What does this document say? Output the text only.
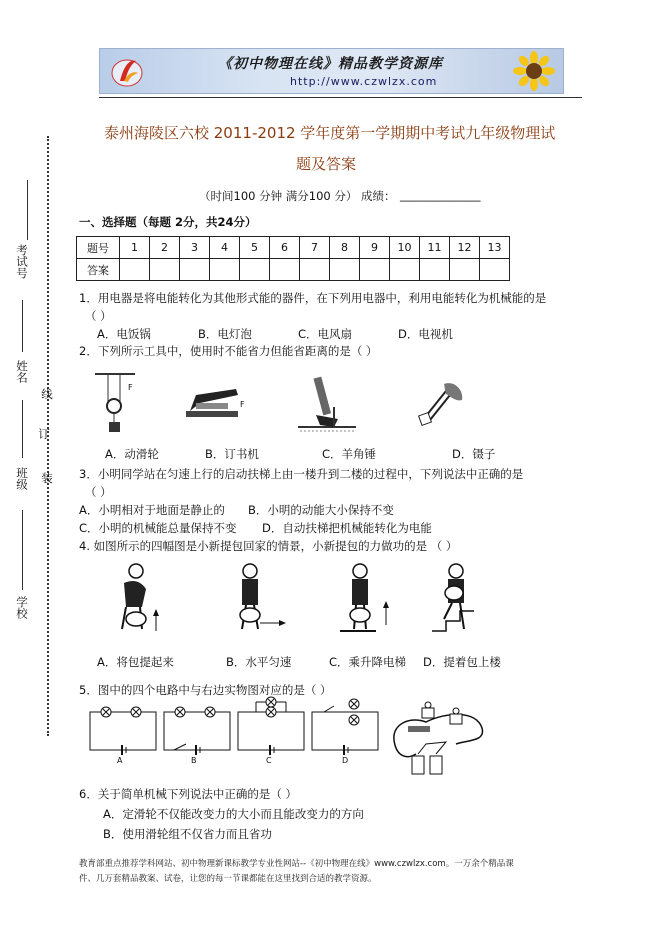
《初中物理在线》精品教学资源库
http://www.czwlzx.com
泰州海陵区六校 2011-2012 学年度第一学期期中考试九年级物理试
题及答案
（时间100 分钟 满分100 分） 成绩： ______________
考试号
姓名
班级
学校
线
订
装
一、选择题（每题 2分，共24分）
题号	1	2	3	4	5	6	7	8	9	10	11	12	13
答案													
1．用电器是将电能转化为其他形式能的器件，在下列用电器中，利用电能转化为机械能的是
（ ）
A．电饭锅	B．电灯泡	C．电风扇	D．电视机
2．下列所示工具中，使用时不能省力但能省距离的是（ ）
F
F
A．动滑轮	B．订书机	C．羊角锤	D．镊子
3．小明同学站在匀速上行的启动扶梯上由一楼升到二楼的过程中，下列说法中正确的是
（ ）
A．小明相对于地面是静止的 B．小明的动能大小保持不变
C．小明的机械能总量保持不变 D．自动扶梯把机械能转化为电能
4. 如图所示的四幅图是小新提包回家的情景，小新提包的力做功的是 （ ）
A．将包提起来	B．水平匀速	C．乘升降电梯 D．提着包上楼
5．图中的四个电路中与右边实物图对应的是（ ）
A	B	C	D
6．关于简单机械下列说法中正确的是（ ）
A．定滑轮不仅能改变力的大小而且能改变力的方向
B．使用滑轮组不仅省力而且省功
教育部重点推荐学科网站、初中物理新课标教学专业性网站--《初中物理在线》www.czwlzx.com。一万余个精品课
件、几万套精品教案、试卷，让您的每一节课都能在这里找到合适的教学资源。
